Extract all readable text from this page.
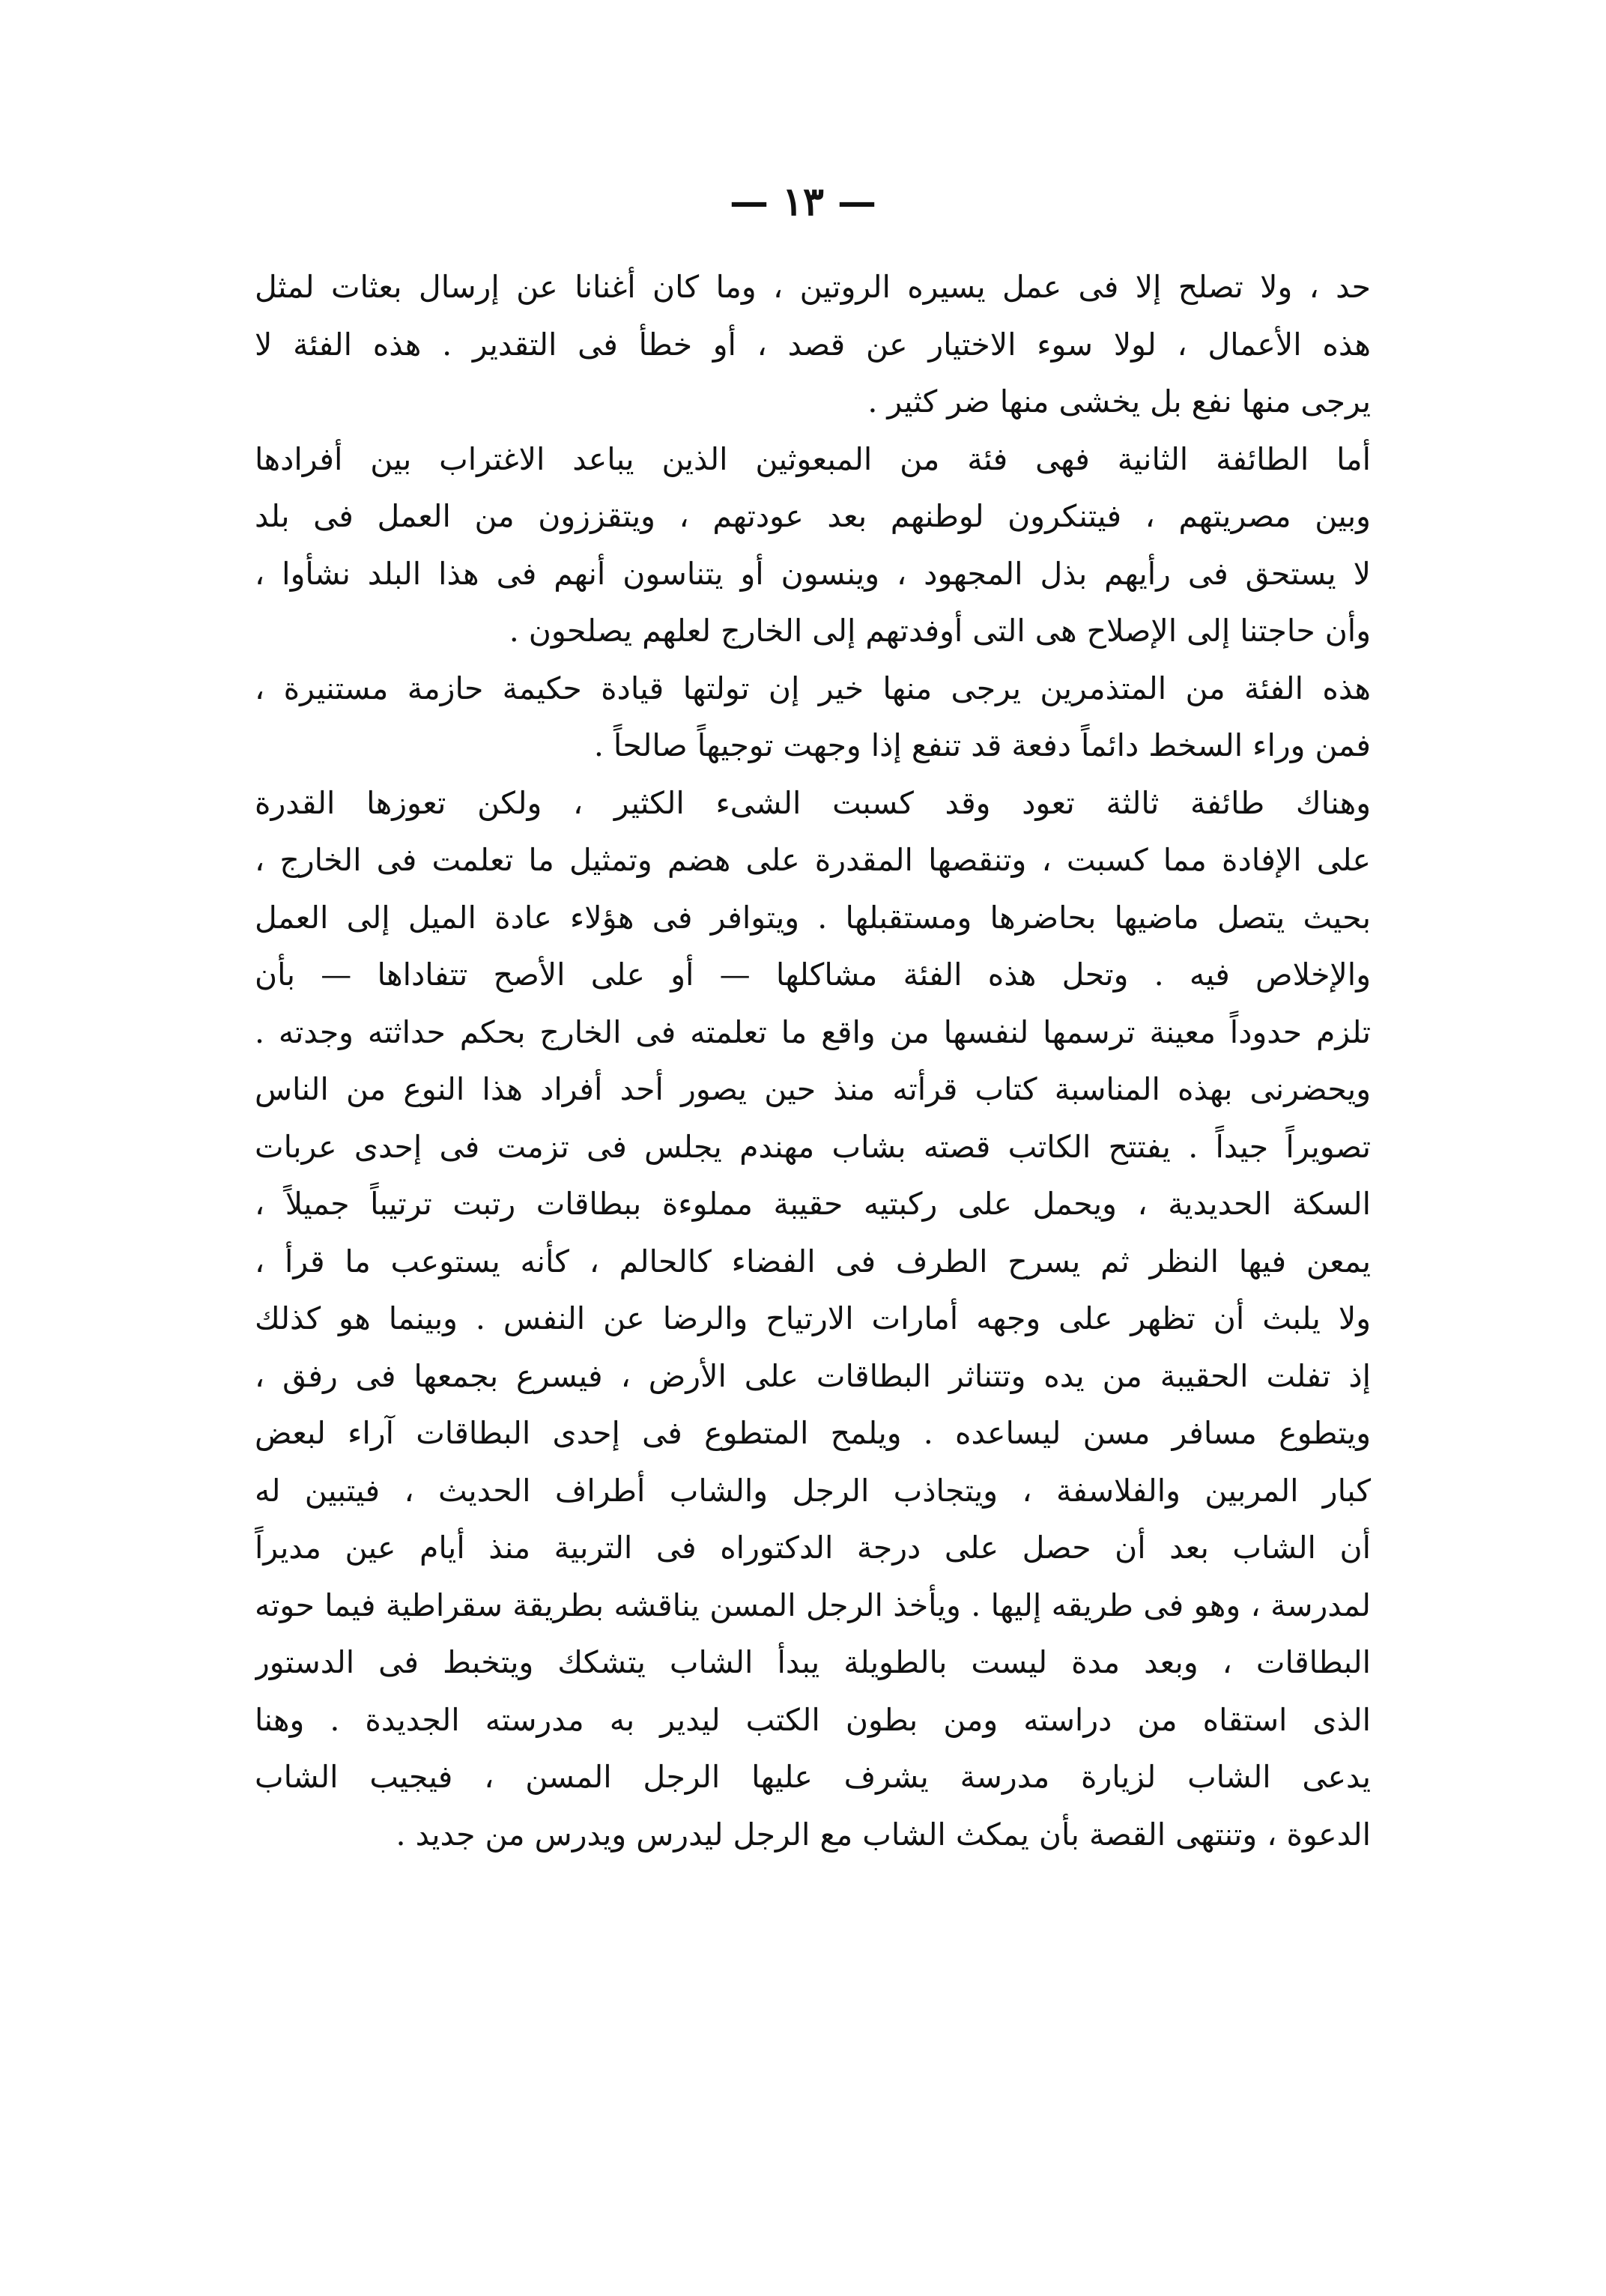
— ١٣ —
حد ، ولا تصلح إلا فى عمل يسيره الروتين ، وما كان أغنانا عن إرسال بعثات لمثل
هذه الأعمال ، لولا سوء الاختيار عن قصد ، أو خطأ فى التقدير . هذه الفئة لا
يرجى منها نفع بل يخشى منها ضر كثير .
أما الطائفة الثانية فهى فئة من المبعوثين الذين يباعد الاغتراب بين أفرادها
وبين مصريتهم ، فيتنكرون لوطنهم بعد عودتهم ، ويتقززون من العمل فى بلد
لا يستحق فى رأيهم بذل المجهود ، وينسون أو يتناسون أنهم فى هذا البلد نشأوا ،
وأن حاجتنا إلى الإصلاح هى التى أوفدتهم إلى الخارج لعلهم يصلحون .
هذه الفئة من المتذمرين يرجى منها خير إن تولتها قيادة حكيمة حازمة مستنيرة ،
فمن وراء السخط دائماً دفعة قد تنفع إذا وجهت توجيهاً صالحاً .
وهناك طائفة ثالثة تعود وقد كسبت الشىء الكثير ، ولكن تعوزها القدرة
على الإفادة مما كسبت ، وتنقصها المقدرة على هضم وتمثيل ما تعلمت فى الخارج ،
بحيث يتصل ماضيها بحاضرها ومستقبلها . ويتوافر فى هؤلاء عادة الميل إلى العمل
والإخلاص فيه . وتحل هذه الفئة مشاكلها — أو على الأصح تتفاداها — بأن
تلزم حدوداً معينة ترسمها لنفسها من واقع ما تعلمته فى الخارج بحكم حداثته وجدته .
ويحضرنى بهذه المناسبة كتاب قرأته منذ حين يصور أحد أفراد هذا النوع من الناس
تصويراً جيداً . يفتتح الكاتب قصته بشاب مهندم يجلس فى تزمت فى إحدى عربات
السكة الحديدية ، ويحمل على ركبتيه حقيبة مملوءة ببطاقات رتبت ترتيباً جميلاً ،
يمعن فيها النظر ثم يسرح الطرف فى الفضاء كالحالم ، كأنه يستوعب ما قرأ ،
ولا يلبث أن تظهر على وجهه أمارات الارتياح والرضا عن النفس . وبينما هو كذلك
إذ تفلت الحقيبة من يده وتتناثر البطاقات على الأرض ، فيسرع بجمعها فى رفق ،
ويتطوع مسافر مسن ليساعده . ويلمح المتطوع فى إحدى البطاقات آراء لبعض
كبار المربين والفلاسفة ، ويتجاذب الرجل والشاب أطراف الحديث ، فيتبين له
أن الشاب بعد أن حصل على درجة الدكتوراه فى التربية منذ أيام عين مديراً
لمدرسة ، وهو فى طريقه إليها . ويأخذ الرجل المسن يناقشه بطريقة سقراطية فيما حوته
البطاقات ، وبعد مدة ليست بالطويلة يبدأ الشاب يتشكك ويتخبط فى الدستور
الذى استقاه من دراسته ومن بطون الكتب ليدير به مدرسته الجديدة . وهنا
يدعى الشاب لزيارة مدرسة يشرف عليها الرجل المسن ، فيجيب الشاب
الدعوة ، وتنتهى القصة بأن يمكث الشاب مع الرجل ليدرس ويدرس من جديد .
